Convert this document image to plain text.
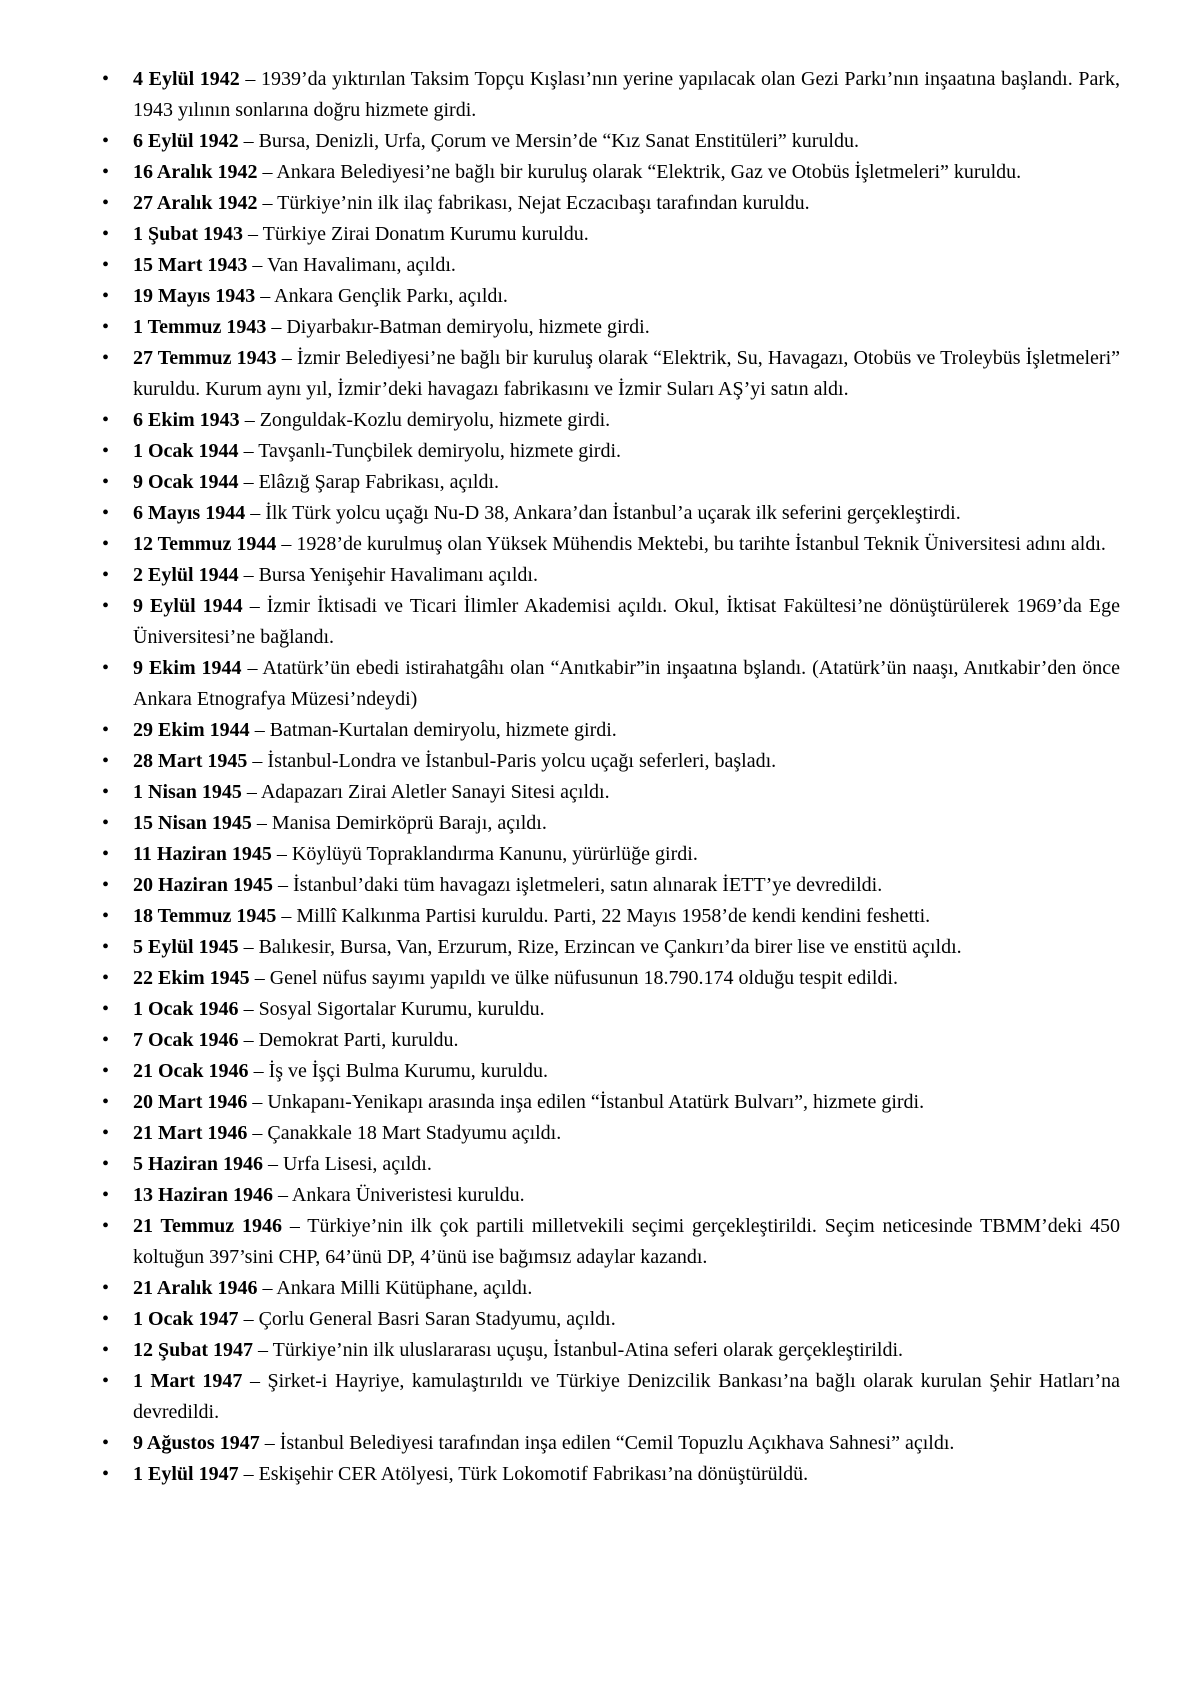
• 4 Eylül 1942 – 1939’da yıktırılan Taksim Topçu Kışlası’nın yerine yapılacak olan Gezi Parkı’nın inşaatına başlandı. Park, 1943 yılının sonlarına doğru hizmete girdi.
• 6 Eylül 1942 – Bursa, Denizli, Urfa, Çorum ve Mersin’de “Kız Sanat Enstitüleri” kuruldu.
• 16 Aralık 1942 – Ankara Belediyesi’ne bağlı bir kuruluş olarak “Elektrik, Gaz ve Otobüs İşletmeleri” kuruldu.
• 27 Aralık 1942 – Türkiye’nin ilk ilaç fabrikası, Nejat Eczacıbaşı tarafından kuruldu.
• 1 Şubat 1943 – Türkiye Zirai Donatım Kurumu kuruldu.
• 15 Mart 1943 – Van Havalimanı, açıldı.
• 19 Mayıs 1943 – Ankara Gençlik Parkı, açıldı.
• 1 Temmuz 1943 – Diyarbakır-Batman demiryolu, hizmete girdi.
• 27 Temmuz 1943 – İzmir Belediyesi’ne bağlı bir kuruluş olarak “Elektrik, Su, Havagazı, Otobüs ve Troleybüs İşletmeleri” kuruldu. Kurum aynı yıl, İzmir’deki havagazı fabrikasını ve İzmir Suları AŞ’yi satın aldı.
• 6 Ekim 1943 – Zonguldak-Kozlu demiryolu, hizmete girdi.
• 1 Ocak 1944 – Tavşanlı-Tunçbilek demiryolu, hizmete girdi.
• 9 Ocak 1944 – Elâzığ Şarap Fabrikası, açıldı.
• 6 Mayıs 1944 – İlk Türk yolcu uçağı Nu-D 38, Ankara’dan İstanbul’a uçarak ilk seferini gerçekleştirdi.
• 12 Temmuz 1944 – 1928’de kurulmuş olan Yüksek Mühendis Mektebi, bu tarihte İstanbul Teknik Üniversitesi adını aldı.
• 2 Eylül 1944 – Bursa Yenişehir Havalimanı açıldı.
• 9 Eylül 1944 – İzmir İktisadi ve Ticari İlimler Akademisi açıldı. Okul, İktisat Fakültesi’ne dönüştürülerek 1969’da Ege Üniversitesi’ne bağlandı.
• 9 Ekim 1944 – Atatürk’ün ebedi istirahatgâhı olan “Anıtkabir”in inşaatına bşlandı. (Atatürk’ün naaşı, Anıtkabir’den önce Ankara Etnografya Müzesi’ndeydi)
• 29 Ekim 1944 – Batman-Kurtalan demiryolu, hizmete girdi.
• 28 Mart 1945 – İstanbul-Londra ve İstanbul-Paris yolcu uçağı seferleri, başladı.
• 1 Nisan 1945 – Adapazarı Zirai Aletler Sanayi Sitesi açıldı.
• 15 Nisan 1945 – Manisa Demirköprü Barajı, açıldı.
• 11 Haziran 1945 – Köylüyü Topraklandırma Kanunu, yürürlüğe girdi.
• 20 Haziran 1945 – İstanbul’daki tüm havagazı işletmeleri, satın alınarak İETT’ye devredildi.
• 18 Temmuz 1945 – Millî Kalkınma Partisi kuruldu. Parti, 22 Mayıs 1958’de kendi kendini feshetti.
• 5 Eylül 1945 – Balıkesir, Bursa, Van, Erzurum, Rize, Erzincan ve Çankırı’da birer lise ve enstitü açıldı.
• 22 Ekim 1945 – Genel nüfus sayımı yapıldı ve ülke nüfusunun 18.790.174 olduğu tespit edildi.
• 1 Ocak 1946 – Sosyal Sigortalar Kurumu, kuruldu.
• 7 Ocak 1946 – Demokrat Parti, kuruldu.
• 21 Ocak 1946 – İş ve İşçi Bulma Kurumu, kuruldu.
• 20 Mart 1946 – Unkapanı-Yenikapı arasında inşa edilen “İstanbul Atatürk Bulvarı”, hizmete girdi.
• 21 Mart 1946 – Çanakkale 18 Mart Stadyumu açıldı.
• 5 Haziran 1946 – Urfa Lisesi, açıldı.
• 13 Haziran 1946 – Ankara Üniveristesi kuruldu.
• 21 Temmuz 1946 – Türkiye’nin ilk çok partili milletvekili seçimi gerçekleştirildi. Seçim neticesinde TBMM’deki 450 koltuğun 397’sini CHP, 64’ünü DP, 4’ünü ise bağımsız adaylar kazandı.
• 21 Aralık 1946 – Ankara Milli Kütüphane, açıldı.
• 1 Ocak 1947 – Çorlu General Basri Saran Stadyumu, açıldı.
• 12 Şubat 1947 – Türkiye’nin ilk uluslararası uçuşu, İstanbul-Atina seferi olarak gerçekleştirildi.
• 1 Mart 1947 – Şirket-i Hayriye, kamulaştırıldı ve Türkiye Denizcilik Bankası’na bağlı olarak kurulan Şehir Hatları’na devredildi.
• 9 Ağustos 1947 – İstanbul Belediyesi tarafından inşa edilen “Cemil Topuzlu Açıkhava Sahnesi” açıldı.
• 1 Eylül 1947 – Eskişehir CER Atölyesi, Türk Lokomotif Fabrikası’na dönüştürüldü.
